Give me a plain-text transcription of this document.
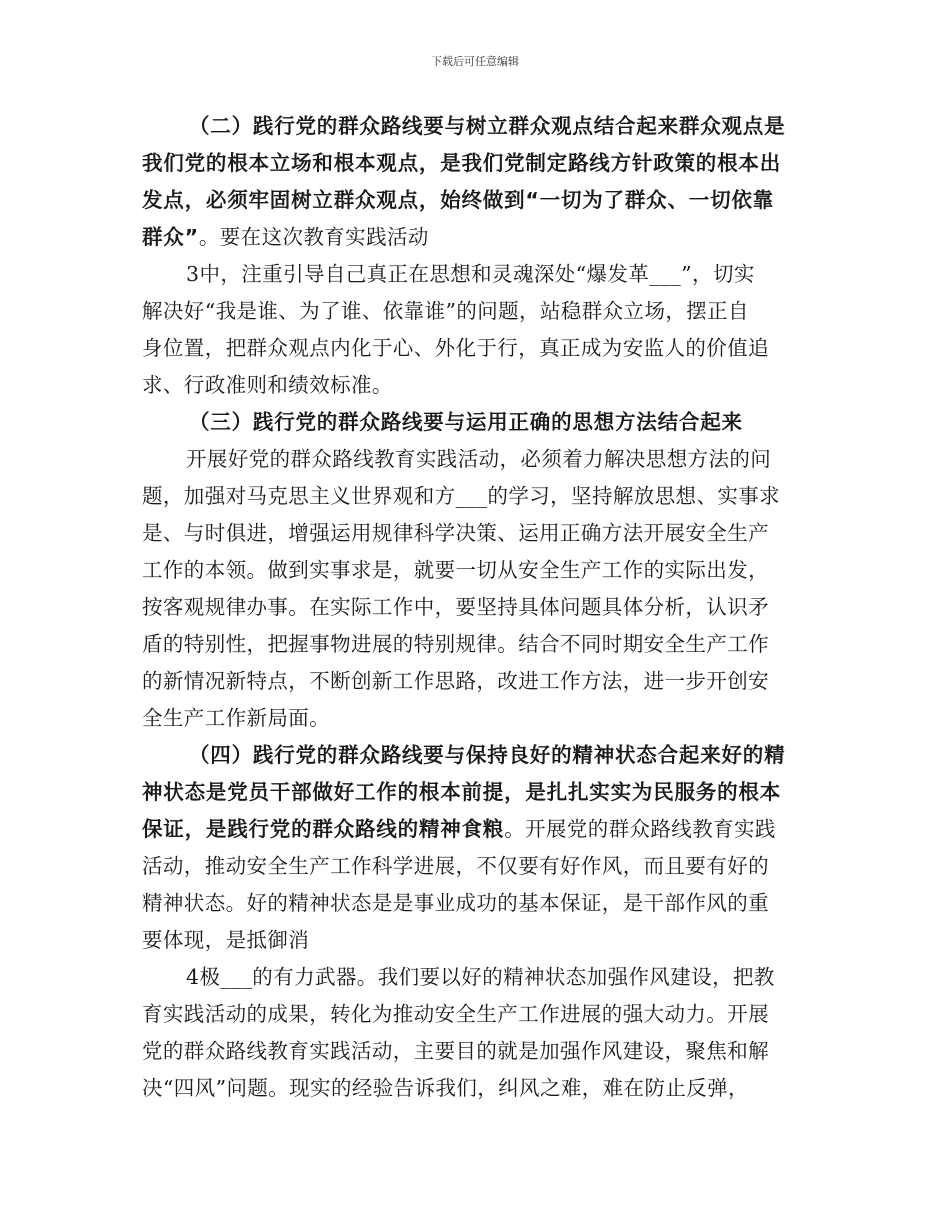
下载后可任意编辑
（二）践行党的群众路线要与树立群众观点结合起来群众观点是
我们党的根本立场和根本观点，是我们党制定路线方针政策的根本出
发点，必须牢固树立群众观点，始终做到“一切为了群众、一切依靠
群众”。要在这次教育实践活动
3中，注重引导自己真正在思想和灵魂深处“爆发革___”，切实
解决好“我是谁、为了谁、依靠谁”的问题，站稳群众立场，摆正自
身位置，把群众观点内化于心、外化于行，真正成为安监人的价值追
求、行政准则和绩效标准。
（三）践行党的群众路线要与运用正确的思想方法结合起来
开展好党的群众路线教育实践活动，必须着力解决思想方法的问
题，加强对马克思主义世界观和方___的学习，坚持解放思想、实事求
是、与时俱进，增强运用规律科学决策、运用正确方法开展安全生产
工作的本领。做到实事求是，就要一切从安全生产工作的实际出发，
按客观规律办事。在实际工作中，要坚持具体问题具体分析，认识矛
盾的特别性，把握事物进展的特别规律。结合不同时期安全生产工作
的新情况新特点，不断创新工作思路，改进工作方法，进一步开创安
全生产工作新局面。
（四）践行党的群众路线要与保持良好的精神状态合起来好的精
神状态是党员干部做好工作的根本前提，是扎扎实实为民服务的根本
保证，是践行党的群众路线的精神食粮。开展党的群众路线教育实践
活动，推动安全生产工作科学进展，不仅要有好作风，而且要有好的
精神状态。好的精神状态是是事业成功的基本保证，是干部作风的重
要体现，是抵御消
4极___的有力武器。我们要以好的精神状态加强作风建设，把教
育实践活动的成果，转化为推动安全生产工作进展的强大动力。开展
党的群众路线教育实践活动，主要目的就是加强作风建设，聚焦和解
决“四风”问题。现实的经验告诉我们，纠风之难，难在防止反弹，
